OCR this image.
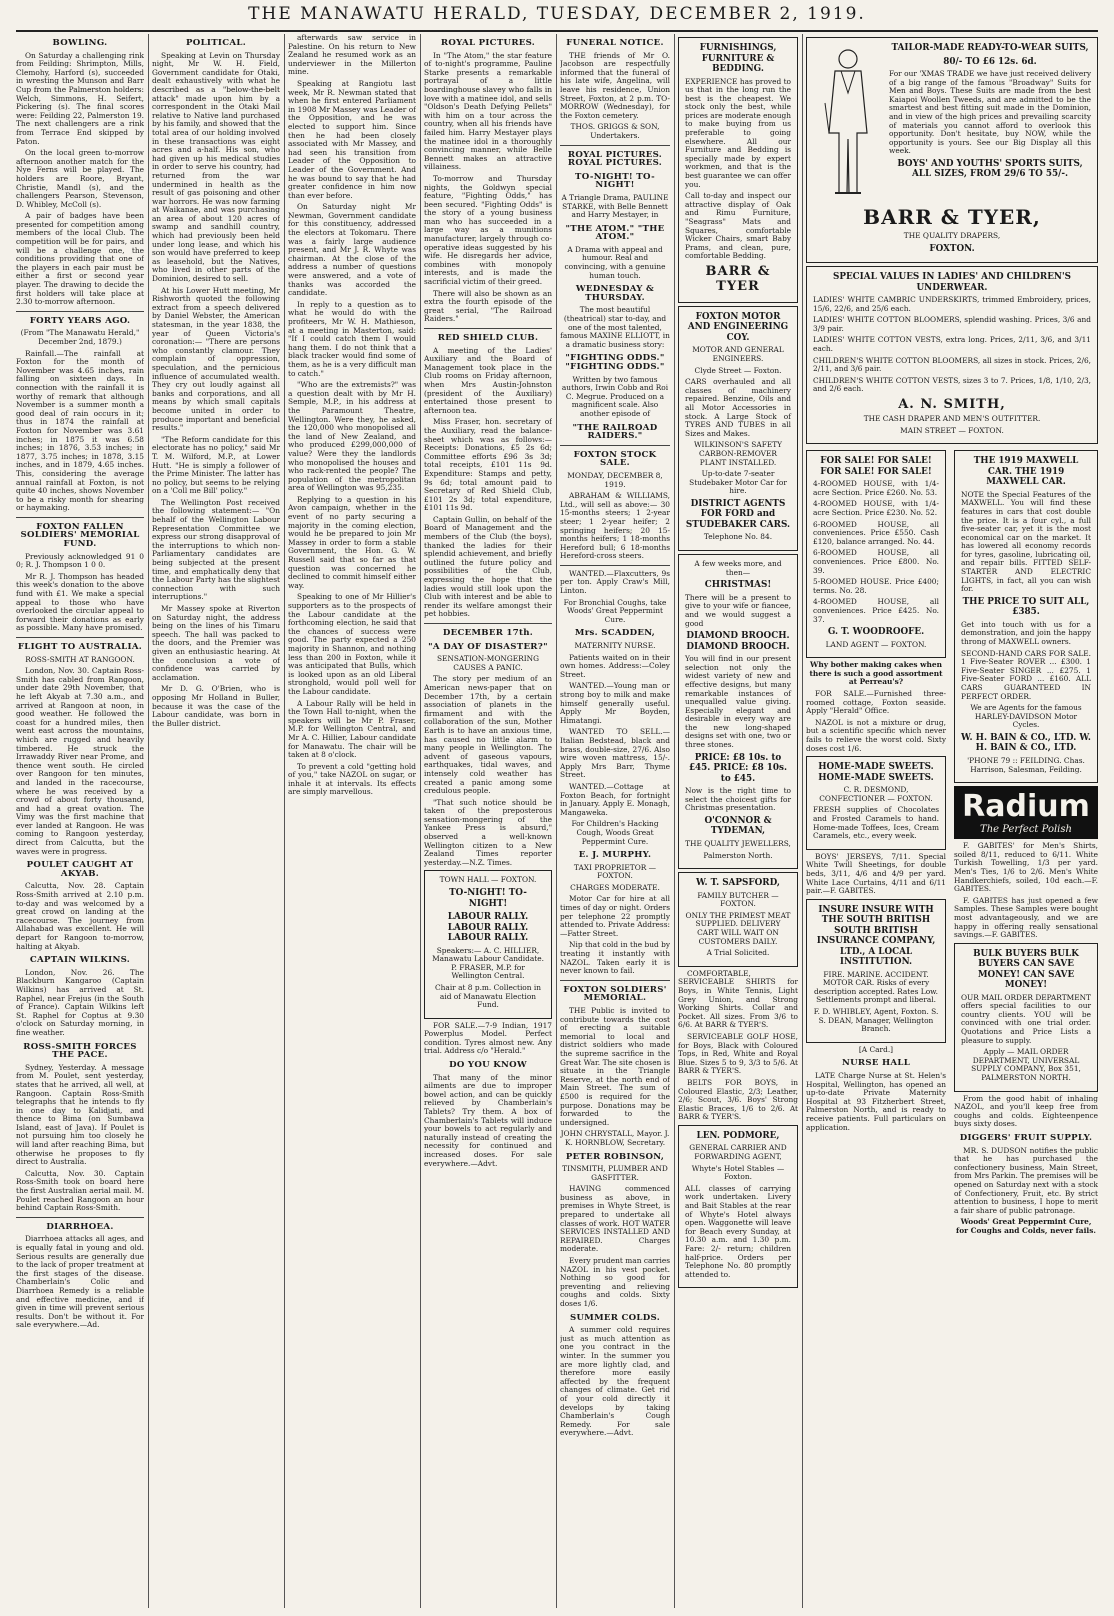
THE MANAWATU HERALD, TUESDAY, DECEMBER 2, 1919.

BOWLING.

On Saturday a challenging rink from Feilding: Shrimpton, Mills, Clemohy, Harford (s), succeeded in wresting the Munson and Barr Cup from the Palmerston holders: Welch, Simmons, H. Seifert, Pickering (s). The final scores were: Feilding 22, Palmerston 19. The next challengers are a rink from Terrace End skipped by Paton.

On the local green to-morrow afternoon another match for the Nye Ferns will be played. The holders are Roore, Bryant, Christie, Mandl (s), and the challengers Pearson, Stevenson, D. Whibley, McColl (s).

A pair of badges have been presented for competition among members of the local Club. The competition will be for pairs, and will be a challenge one, the conditions providing that one of the players in each pair must be either a first or second year player. The drawing to decide the first holders will take place at 2.30 to-morrow afternoon.

FORTY YEARS AGO.

(From "The Manawatu Herald," December 2nd, 1879.)

Rainfall.—The rainfall at Foxton for the month of November was 4.65 inches, rain falling on sixteen days. In connection with the rainfall it is worthy of remark that although November is a summer month a good deal of rain occurs in it; thus in 1874 the rainfall at Foxton for November was 3.61 inches; in 1875 it was 6.58 inches; in 1876, 3.53 inches; in 1877, 3.75 inches; in 1878, 3.15 inches, and in 1879, 4.65 inches. This, considering the average annual rainfall at Foxton, is not quite 40 inches, shows November to be a risky month for shearing or haymaking.

FOXTON FALLEN SOLDIERS' MEMORIAL FUND.

Previously acknowledged 91 0 0; R. J. Thompson 1 0 0.

Mr R. J. Thompson has headed this week's donation to the above fund with £1. We make a special appeal to those who have overlooked the circular appeal to forward their donations as early as possible. Many have promised.

FLIGHT TO AUSTRALIA.

ROSS-SMITH AT RANGOON.

London, Nov. 30. Captain Ross-Smith has cabled from Rangoon, under date 29th November, that he left Akyab at 7.30 a.m., and arrived at Rangoon at noon, in good weather. He followed the coast for a hundred miles, then went east across the mountains, which are rugged and heavily timbered. He struck the Irrawaddy River near Prome, and thence went south. He circled over Rangoon for ten minutes, and landed in the racecourse, where he was received by a crowd of about forty thousand, and had a great ovation. The Vimy was the first machine that ever landed at Rangoon. He was coming to Rangoon yesterday, direct from Calcutta, but the waves were in progress.

POULET CAUGHT AT AKYAB.

Calcutta, Nov. 28. Captain Ross-Smith arrived at 2.10 p.m. to-day and was welcomed by a great crowd on landing at the racecourse. The journey from Allahabad was excellent. He will depart for Rangoon to-morrow, halting at Akyab.

CAPTAIN WILKINS.

London, Nov. 26. The Blackburn Kangaroo (Captain Wilkins) has arrived at St. Raphel, near Frejus (in the South of France). Captain Wilkins left St. Raphel for Coptus at 9.30 o'clock on Saturday morning, in fine weather.

ROSS-SMITH FORCES THE PACE.

Sydney, Yesterday. A message from M. Poulet, sent yesterday, states that he arrived, all well, at Rangoon. Captain Ross-Smith telegraphs that he intends to fly in one day to Kalidjati, and thence to Bima (on Sumbawa Island, east of Java). If Poulet is not pursuing him too closely he will land after reaching Bima, but otherwise he proposes to fly direct to Australia.

Calcutta, Nov. 30. Captain Ross-Smith took on board here the first Australian aerial mail. M. Poulet reached Rangoon an hour behind Captain Ross-Smith.

DIARRHOEA.

Diarrhoea attacks all ages, and is equally fatal in young and old. Serious results are generally due to the lack of proper treatment at the first stages of the disease. Chamberlain's Colic and Diarrhoea Remedy is a reliable and effective medicine, and if given in time will prevent serious results. Don't be without it. For sale everywhere.—Ad.

POLITICAL.

Speaking at Levin on Thursday night, Mr W. H. Field, Government candidate for Otaki, dealt exhaustively with what he described as a "below-the-belt attack" made upon him by a correspondent in the Otaki Mail relative to Native land purchased by his family, and showed that the total area of our holding involved in these transactions was eight acres and a-half. His son, who had given up his medical studies in order to serve his country, had returned from the war undermined in health as the result of gas poisoning and other war horrors. He was now farming at Waikanae, and was purchasing an area of about 120 acres of swamp and sandhill country, which had previously been held under long lease, and which his son would have preferred to keep as leasehold, but the Natives, who lived in other parts of the Dominion, desired to sell.

At his Lower Hutt meeting, Mr Rishworth quoted the following extract from a speech delivered by Daniel Webster, the American statesman, in the year 1838, the year of Queen Victoria's coronation:— "There are persons who constantly clamour. They complain of oppression, speculation, and the pernicious influence of accumulated wealth. They cry out loudly against all banks and corporations, and all means by which small capitals become united in order to produce important and beneficial results."

"The Reform candidate for this electorate has no policy," said Mr T. M. Wilford, M.P., at Lower Hutt. "He is simply a follower of the Prime Minister. The latter has no policy, but seems to be relying on a 'Coll me Bill' policy."

The Wellington Post received the following statement:— "On behalf of the Wellington Labour Representation Committee we express our strong disapproval of the interruptions to which non-Parliamentary candidates are being subjected at the present time, and emphatically deny that the Labour Party has the slightest connection with such interruptions."

Mr Massey spoke at Riverton on Saturday night, the address being on the lines of his Timaru speech. The hall was packed to the doors, and the Premier was given an enthusiastic hearing. At the conclusion a vote of confidence was carried by acclamation.

Mr D. G. O'Brien, who is opposing Mr Holland in Buller, because it was the case of the Labour candidate, was born in the Buller district.

afterwards saw service in Palestine. On his return to New Zealand he resumed work as an underviewer in the Millerton mine.

Speaking at Rangiotu last week, Mr R. Newman stated that when he first entered Parliament in 1908 Mr Massey was Leader of the Opposition, and he was elected to support him. Since then he had been closely associated with Mr Massey, and had seen his transition from Leader of the Opposition to Leader of the Government. And he was bound to say that he had greater confidence in him now than ever before.

On Saturday night Mr Newman, Government candidate for this constituency, addressed the electors at Tokomaru. There was a fairly large audience present, and Mr J. R. Whyte was chairman. At the close of the address a number of questions were answered, and a vote of thanks was accorded the candidate.

In reply to a question as to what he would do with the profiteers, Mr W. H. Mathieson, at a meeting in Masterton, said: "If I could catch them I would hang them. I do not think that a black tracker would find some of them, as he is a very difficult man to catch."

"Who are the extremists?" was a question dealt with by Mr H. Semple, M.P., in his address at the Paramount Theatre, Wellington. Were they, he asked, the 120,000 who monopolised all the land of New Zealand, and who produced £299,000,000 of value? Were they the landlords who monopolised the houses and who rack-rented the people? The population of the metropolitan area of Wellington was 95,235.

Replying to a question in his Avon campaign, whether in the event of no party securing a majority in the coming election, would he be prepared to join Mr Massey in order to form a stable Government, the Hon. G. W. Russell said that so far as that question was concerned he declined to commit himself either way.

Speaking to one of Mr Hillier's supporters as to the prospects of the Labour candidate at the forthcoming election, he said that the chances of success were good. The party expected a 250 majority in Shannon, and nothing less than 200 in Foxton, while it was anticipated that Bulls, which is looked upon as an old Liberal stronghold, would poll well for the Labour candidate.

A Labour Rally will be held in the Town Hall to-night, when the speakers will be Mr P. Fraser, M.P. for Wellington Central, and Mr A. C. Hillier, Labour candidate for Manawatu. The chair will be taken at 8 o'clock.

To prevent a cold "getting hold of you," take NAZOL on sugar, or inhale it at intervals. Its effects are simply marvellous.

ROYAL PICTURES.

In "The Atom," the star feature of to-night's programme, Pauline Starke presents a remarkable portrayal of a little boardinghouse slavey who falls in love with a matinee idol, and sells "Oldson's Death Defying Pellets" with him on a tour across the country, when all his friends have failed him. Harry Mestayer plays the matinee idol in a thoroughly convincing manner, while Belle Bennett makes an attractive villainess.

To-morrow and Thursday nights, the Goldwyn special feature, "Fighting Odds," has been secured. "Fighting Odds" is the story of a young business man who has succeeded in a large way as a munitions manufacturer, largely through co-operative ideas suggested by his wife. He disregards her advice, combines with monopoly interests, and is made the sacrificial victim of their greed.

There will also be shown as an extra the fourth episode of the great serial, "The Railroad Raiders."

RED SHIELD CLUB.

A meeting of the Ladies' Auxiliary and the Board of Management took place in the Club rooms on Friday afternoon, when Mrs Austin-Johnston (president of the Auxiliary) entertained those present to afternoon tea.

Miss Fraser, hon. secretary of the Auxiliary, read the balance-sheet which was as follows:—Receipts: Donations, £5 2s 6d; Committee efforts £96 3s 3d; total receipts, £101 11s 9d. Expenditure: Stamps and petty, 9s 6d; total amount paid to Secretary of Red Shield Club, £101 2s 3d; total expenditure, £101 11s 9d.

Captain Gullin, on behalf of the Board of Management and the members of the Club (the boys), thanked the ladies for their splendid achievement, and briefly outlined the future policy and possibilities of the Club, expressing the hope that the ladies would still look upon the Club with interest and be able to render its welfare amongst their pet hobbies.

DECEMBER 17th.

"A DAY OF DISASTER?"

SENSATION-MONGERING CAUSES A PANIC.

The story per medium of an American news-paper that on December 17th, by a certain association of planets in the firmament and with the collaboration of the sun, Mother Earth is to have an anxious time, has caused no little alarm to many people in Wellington. The advent of gaseous vapours, earthquakes, tidal waves, and intensely cold weather has created a panic among some credulous people.

"That such notice should be taken of the preposterous sensation-mongering of the Yankee Press is absurd," observed a well-known Wellington citizen to a New Zealand Times reporter yesterday.—N.Z. Times.

TOWN HALL — FOXTON.

TO-NIGHT! TO-NIGHT!

LABOUR RALLY. LABOUR RALLY. LABOUR RALLY.

Speakers:— A. C. HILLIER, Manawatu Labour Candidate. P. FRASER, M.P. for Wellington Central.

Chair at 8 p.m. Collection in aid of Manawatu Election Fund.

FOR SALE.—7-9 Indian, 1917 Powerplus Model. Perfect condition. Tyres almost new. Any trial. Address c/o "Herald."

DO YOU KNOW

That many of the minor ailments are due to improper bowel action, and can be quickly relieved by Chamberlain's Tablets? Try them. A box of Chamberlain's Tablets will induce your bowels to act regularly and naturally instead of creating the necessity for continued and increased doses. For sale everywhere.—Advt.

FUNERAL NOTICE.

THE friends of Mr O. Jacobson are respectfully informed that the funeral of his late wife, Angelina, will leave his residence, Union Street, Foxton, at 2 p.m. TO-MORROW (Wednesday), for the Foxton cemetery.

THOS. GRIGGS & SON, Undertakers.

ROYAL PICTURES. ROYAL PICTURES.

TO-NIGHT! TO-NIGHT!

A Triangle Drama, PAULINE STARKE, with Belle Bennett and Harry Mestayer, in

"THE ATOM." "THE ATOM."

A Drama with appeal and humour. Real and convincing, with a genuine human touch.

WEDNESDAY & THURSDAY.

The most beautiful (theatrical) star to-day, and one of the most talented, famous MAXINE ELLIOTT, in a dramatic business story:

"FIGHTING ODDS." "FIGHTING ODDS."

Written by two famous authors, Irwin Cobb and Roi C. Megrue. Produced on a magnificent scale. Also another episode of

"THE RAILROAD RAIDERS."

FOXTON STOCK SALE.

MONDAY, DECEMBER 8, 1919.

ABRAHAM & WILLIAMS, Ltd., will sell as above:— 30 15-months steers; 1 2-year steer; 1 2-year heifer; 2 springing heifers; 20 15-months heifers; 1 18-months Hereford bull; 6 18-months Hereford-cross steers.

WANTED.—Flaxcutters, 9s per ton. Apply Craw's Mill, Linton.

For Bronchial Coughs, take Woods' Great Peppermint Cure.

Mrs. SCADDEN,

MATERNITY NURSE.

Patients waited on in their own homes. Address:—Coley Street.

WANTED.—Young man or strong boy to milk and make himself generally useful. Apply Mr Boyden, Himatangi.

WANTED TO SELL.—Italian Bedstead, black and brass, double-size, 27/6. Also wire woven mattress, 15/-. Apply Mrs Barr, Thyme Street.

WANTED.—Cottage at Foxton Beach, for fortnight in January. Apply E. Monagh, Mangaweka.

For Children's Hacking Cough, Woods Great Peppermint Cure.

E. J. MURPHY.

TAXI PROPRIETOR — FOXTON.

CHARGES MODERATE.

Motor Car for hire at all times of day or night. Orders per telephone 22 promptly attended to. Private Address:—Fatter Street.

Nip that cold in the bud by treating it instantly with NAZOL. Taken early it is never known to fail.

FOXTON SOLDIERS' MEMORIAL.

THE Public is invited to contribute towards the cost of erecting a suitable memorial to local and district soldiers who made the supreme sacrifice in the Great War. The site chosen is situate in the Triangle Reserve, at the north end of Main Street. The sum of £500 is required for the purpose. Donations may be forwarded to the undersigned.

JOHN CHRYSTALL, Mayor. J. K. HORNBLOW, Secretary.

PETER ROBINSON,

TINSMITH, PLUMBER AND GASFITTER.

HAVING commenced business as above, in premises in Whyte Street, is prepared to undertake all classes of work. HOT WATER SERVICES INSTALLED AND REPAIRED. Charges moderate.

Every prudent man carries NAZOL in his vest pocket. Nothing so good for preventing and relieving coughs and colds. Sixty doses 1/6.

SUMMER COLDS.

A summer cold requires just as much attention as one you contract in the winter. In the summer you are more lightly clad, and therefore more easily affected by the frequent changes of climate. Get rid of your cold directly it develops by taking Chamberlain's Cough Remedy. For sale everywhere.—Advt.

FURNISHINGS, FURNITURE & BEDDING.

EXPERIENCE has proved to us that in the long run the best is the cheapest. We stock only the best, while prices are moderate enough to make buying from us preferable to going elsewhere. All our Furniture and Bedding is specially made by expert workmen, and that is the best guarantee we can offer you.

Call to-day and inspect our attractive display of Oak and Rimu Furniture, "Seagrass" Mats and Squares, comfortable Wicker Chairs, smart Baby Prams, and clean, pure, comfortable Bedding.

BARR & TYER

FOXTON MOTOR AND ENGINEERING COY.

MOTOR AND GENERAL ENGINEERS.

Clyde Street — Foxton.

CARS overhauled and all classes of machinery repaired. Benzine, Oils and all Motor Accessories in stock. A Large Stock of TYRES AND TUBES in all Sizes and Makes.

WILKINSON'S SAFETY CARBON-REMOVER PLANT INSTALLED.

Up-to-date 7-seater Studebaker Motor Car for hire.

DISTRICT AGENTS FOR FORD and STUDEBAKER CARS.

Telephone No. 84.

A few weeks more, and then—

CHRISTMAS!

There will be a present to give to your wife or fiancee, and we would suggest a good

DIAMOND BROOCH. DIAMOND BROOCH.

You will find in our present selection not only the widest variety of new and effective designs, but many remarkable instances of unequalled value giving. Especially elegant and desirable in every way are the new long-shaped designs set with one, two or three stones.

PRICE: £8 10s. to £45. PRICE: £8 10s. to £45.

Now is the right time to select the choicest gifts for Christmas presentation.

O'CONNOR & TYDEMAN,

THE QUALITY JEWELLERS,

Palmerston North.

W. T. SAPSFORD,

FAMILY BUTCHER — FOXTON.

ONLY THE PRIMEST MEAT SUPPLIED. DELIVERY CART WILL WAIT ON CUSTOMERS DAILY.

A Trial Solicited.

COMFORTABLE, SERVICEABLE SHIRTS for Boys, in White Tennis, Light Grey Union, and Strong Working Shirts. Collar and Pocket. All sizes. From 3/6 to 6/6. At BARR & TYER'S.

SERVICEABLE GOLF HOSE, for Boys, Black with Coloured Tops, in Red, White and Royal Blue. Sizes 5 to 9, 3/3 to 5/6. At BARR & TYER'S.

BELTS FOR BOYS, in Coloured Elastic, 2/3; Leather, 2/6; Scout, 3/6. Boys' Strong Elastic Braces, 1/6 to 2/6. At BARR & TYER'S.

LEN. PODMORE,

GENERAL CARRIER AND FORWARDING AGENT,

Whyte's Hotel Stables — Foxton.

ALL classes of carrying work undertaken. Livery and Bait Stables at the rear of Whyte's Hotel always open. Waggonette will leave for Beach every Sunday, at 10.30 a.m. and 1.30 p.m. Fare: 2/- return; children half-price. Orders per Telephone No. 80 promptly attended to.

TAILOR-MADE READY-TO-WEAR SUITS,

80/- TO £6 12s. 6d.

For our 'XMAS TRADE we have just received delivery of a big range of the famous "Broadway" Suits for Men and Boys. These Suits are made from the best Kaiapoi Woollen Tweeds, and are admitted to be the smartest and best fitting suit made in the Dominion, and in view of the high prices and prevailing scarcity of materials you cannot afford to overlook this opportunity. Don't hesitate, buy NOW, while the opportunity is yours. See our Big Display all this week.

BOYS' AND YOUTHS' SPORTS SUITS, ALL SIZES, FROM 29/6 TO 55/-.

BARR & TYER,

THE QUALITY DRAPERS,

FOXTON.

SPECIAL VALUES IN LADIES' AND CHILDREN'S UNDERWEAR.

LADIES' WHITE CAMBRIC UNDERSKIRTS, trimmed Embroidery, prices, 15/6, 22/6, and 25/6 each.

LADIES' WHITE COTTON BLOOMERS, splendid washing. Prices, 3/6 and 3/9 pair.

LADIES' WHITE COTTON VESTS, extra long. Prices, 2/11, 3/6, and 3/11 each.

CHILDREN'S WHITE COTTON BLOOMERS, all sizes in stock. Prices, 2/6, 2/11, and 3/6 pair.

CHILDREN'S WHITE COTTON VESTS, sizes 3 to 7. Prices, 1/8, 1/10, 2/3, and 2/6 each.

A. N. SMITH,

THE CASH DRAPER AND MEN'S OUTFITTER.

MAIN STREET — FOXTON.

FOR SALE! FOR SALE! FOR SALE! FOR SALE!

4-ROOMED HOUSE, with 1/4-acre Section. Price £260. No. 53.

4-ROOMED HOUSE, with 1/4-acre Section. Price £230. No. 52.

6-ROOMED HOUSE, all conveniences. Price £550. Cash £120, balance arranged. No. 44.

6-ROOMED HOUSE, all conveniences. Price £800. No. 39.

5-ROOMED HOUSE. Price £400; terms. No. 28.

4-ROOMED HOUSE, all conveniences. Price £425. No. 37.

G. T. WOODROOFE.

LAND AGENT — FOXTON.

Why bother making cakes when there is such a good assortment at Perreau's?

FOR SALE.—Furnished three-roomed cottage, Foxton seaside. Apply "Herald" Office.

NAZOL is not a mixture or drug, but a scientific specific which never fails to relieve the worst cold. Sixty doses cost 1/6.

HOME-MADE SWEETS. HOME-MADE SWEETS.

C. R. DESMOND, CONFECTIONER — FOXTON.

FRESH supplies of Chocolates and Frosted Caramels to hand. Home-made Toffees, Ices, Cream Caramels, etc., every week.

BOYS' JERSEYS, 7/11. Special White Twill Sheetings, for double beds, 3/11, 4/6 and 4/9 per yard. White Lace Curtains, 4/11 and 6/11 pair.—F. GABITES.

INSURE INSURE WITH THE SOUTH BRITISH SOUTH BRITISH INSURANCE COMPANY, LTD., A LOCAL INSTITUTION.

FIRE. MARINE. ACCIDENT. MOTOR CAR. Risks of every description accepted. Rates Low. Settlements prompt and liberal.

F. D. WHIBLEY, Agent, Foxton. S. S. DEAN, Manager, Wellington Branch.

[A Card.]

NURSE HALL

LATE Charge Nurse at St. Helen's Hospital, Wellington, has opened an up-to-date Private Maternity Hospital at 93 Fitzherbert Street, Palmerston North, and is ready to receive patients. Full particulars on application.

THE 1919 MAXWELL CAR. THE 1919 MAXWELL CAR.

NOTE the Special Features of the MAXWELL. You will find these features in cars that cost double the price. It is a four cyl., a full five-seater car, yet it is the most economical car on the market. It has lowered all economy records for tyres, gasoline, lubricating oil, and repair bills. FITTED SELF-STARTER AND ELECTRIC LIGHTS, in fact, all you can wish for.

THE PRICE TO SUIT ALL, £385.

Get into touch with us for a demonstration, and join the happy throng of MAXWELL owners.

SECOND-HAND CARS FOR SALE. 1 Five-Seater ROVER ... £300. 1 Five-Seater SINGER ... £275. 1 Five-Seater FORD ... £160. ALL CARS GUARANTEED IN PERFECT ORDER.

We are Agents for the famous HARLEY-DAVIDSON Motor Cycles.

W. H. BAIN & CO., LTD. W. H. BAIN & CO., LTD.

'PHONE 79 :: FEILDING. Chas. Harrison, Salesman, Feilding.

Radium
The Perfect Polish

F. GABITES' for Men's Shirts, soiled 8/11, reduced to 6/11. White Turkish Towelling, 1/3 per yard. Men's Ties, 1/6 to 2/6. Men's White Handkerchiefs, soiled, 10d each.—F. GABITES.

F. GABITES has just opened a few Samples. These Samples were bought most advantageously, and we are happy in offering really sensational savings.—F. GABITES.

BULK BUYERS BULK BUYERS CAN SAVE MONEY! CAN SAVE MONEY!

OUR MAIL ORDER DEPARTMENT offers special facilities to our country clients. YOU will be convinced with one trial order. Quotations and Price Lists a pleasure to supply.

Apply — MAIL ORDER DEPARTMENT, UNIVERSAL SUPPLY COMPANY, Box 351, PALMERSTON NORTH.

From the good habit of inhaling NAZOL, and you'll keep free from coughs and colds. Eighteenpence buys sixty doses.

DIGGERS' FRUIT SUPPLY.

MR. S. DUDSON notifies the public that he has purchased the confectionery business, Main Street, from Mrs Parkin. The premises will be opened on Saturday next with a stock of Confectionery, Fruit, etc. By strict attention to business, I hope to merit a fair share of public patronage.

Woods' Great Peppermint Cure, for Coughs and Colds, never fails.
